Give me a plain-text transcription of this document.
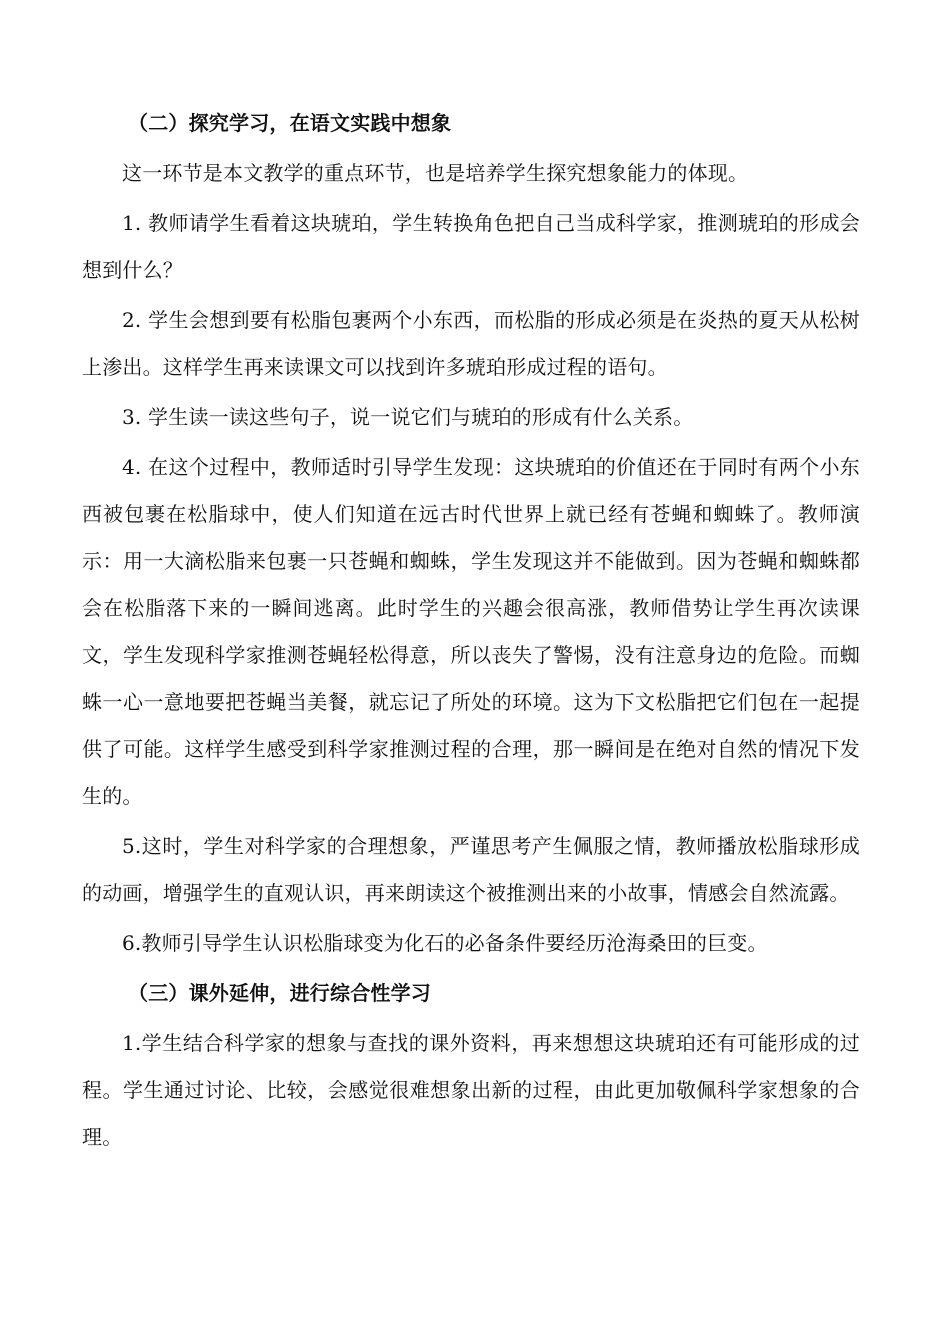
（二）探究学习，在语文实践中想象

这一环节是本文教学的重点环节，也是培养学生探究想象能力的体现。

1. 教师请学生看着这块琥珀，学生转换角色把自己当成科学家，推测琥珀的形成会想到什么？

2. 学生会想到要有松脂包裹两个小东西，而松脂的形成必须是在炎热的夏天从松树上渗出。这样学生再来读课文可以找到许多琥珀形成过程的语句。

3. 学生读一读这些句子，说一说它们与琥珀的形成有什么关系。

4. 在这个过程中，教师适时引导学生发现：这块琥珀的价值还在于同时有两个小东西被包裹在松脂球中，使人们知道在远古时代世界上就已经有苍蝇和蜘蛛了。教师演示：用一大滴松脂来包裹一只苍蝇和蜘蛛，学生发现这并不能做到。因为苍蝇和蜘蛛都会在松脂落下来的一瞬间逃离。此时学生的兴趣会很高涨，教师借势让学生再次读课文，学生发现科学家推测苍蝇轻松得意，所以丧失了警惕，没有注意身边的危险。而蜘蛛一心一意地要把苍蝇当美餐，就忘记了所处的环境。这为下文松脂把它们包在一起提供了可能。这样学生感受到科学家推测过程的合理，那一瞬间是在绝对自然的情况下发生的。

5.这时，学生对科学家的合理想象，严谨思考产生佩服之情，教师播放松脂球形成的动画，增强学生的直观认识，再来朗读这个被推测出来的小故事，情感会自然流露。

6.教师引导学生认识松脂球变为化石的必备条件要经历沧海桑田的巨变。

（三）课外延伸，进行综合性学习

1.学生结合科学家的想象与查找的课外资料，再来想想这块琥珀还有可能形成的过程。学生通过讨论、比较，会感觉很难想象出新的过程，由此更加敬佩科学家想象的合理。
